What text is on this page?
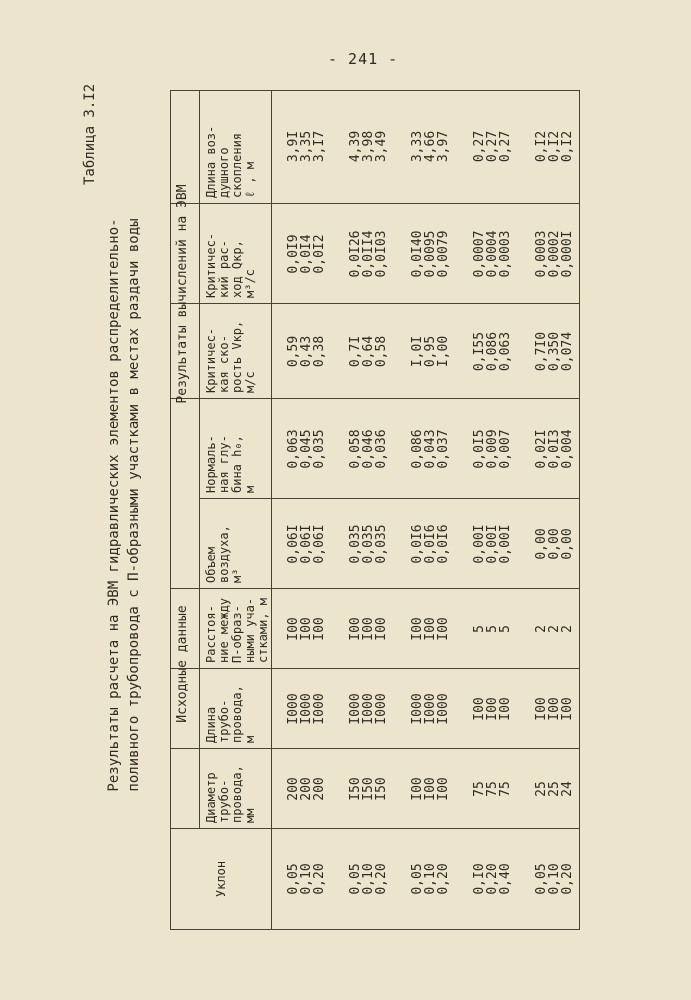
- 241 -
Таблица 3.I2
Результаты расчета на ЭВМ гидравлических элементов распределительно- поливного трубопровода с П-образными участками в местах раздачи воды
Уклон
Исходные данные
Результаты вычислений на ЭВМ
Диаметр
трубо-
провода,
мм
Длина
трубо-
провода,
м
Расстоя-
ние между
П-образ-
ными уча-
стками, м
Объем
воздуха,
м³
Нормаль-
ная глу-
бина h₀,
м
Критичес-
кая ско-
рость Vкр,
м/с
Критичес-
кий рас-
ход Qкр,
м³/с
Длина воз-
душного
скопления
ℓ , м
0,05
0,10
0,20 0,05
0,10
0,20 0,05
0,10
0,20 0,I0
0,20
0,40 0,05
0,10
0,20
200
200
200 I50
I50
I50 I00
I00
I00 75
75
75 25
25
24
I000
I000
I000 I000
I000
I000 I000
I000
I000 I00
I00
I00 I00
I00
I00
I00
I00
I00 I00
I00
I00 I00
I00
I00 5
5
5 2
2
2
0,06I
0,06I
0,06I 0,035
0,035
0,035 0,0I6
0,0I6
0,0I6 0,00I
0,00I
0,00I 0,00
0,00
0,00
0,063
0,045
0,035 0,058
0,046
0,036 0,086
0,043
0,037 0,0I5
0,009
0,007 0,02I
0,0I3
0,004
0,59
0,43
0,38 0,7I
0,64
0,58 I,0I
0,95
I,00 0,I55
0,086
0,063 0,7I0
0,350
0,074
0,0I9
0,0I4
0,0I2 0,0I26
0,0II4
0,0I03 0,0I40
0,0095
0,0079 0,0007
0,0004
0,0003 0,0003
0,0002
0,000I
3,9I
3,35
3,I7 4,39
3,98
3,49 3,33
4,66
3,97 0,27
0,27
0,27 0,I2
0,I2
0,I2
